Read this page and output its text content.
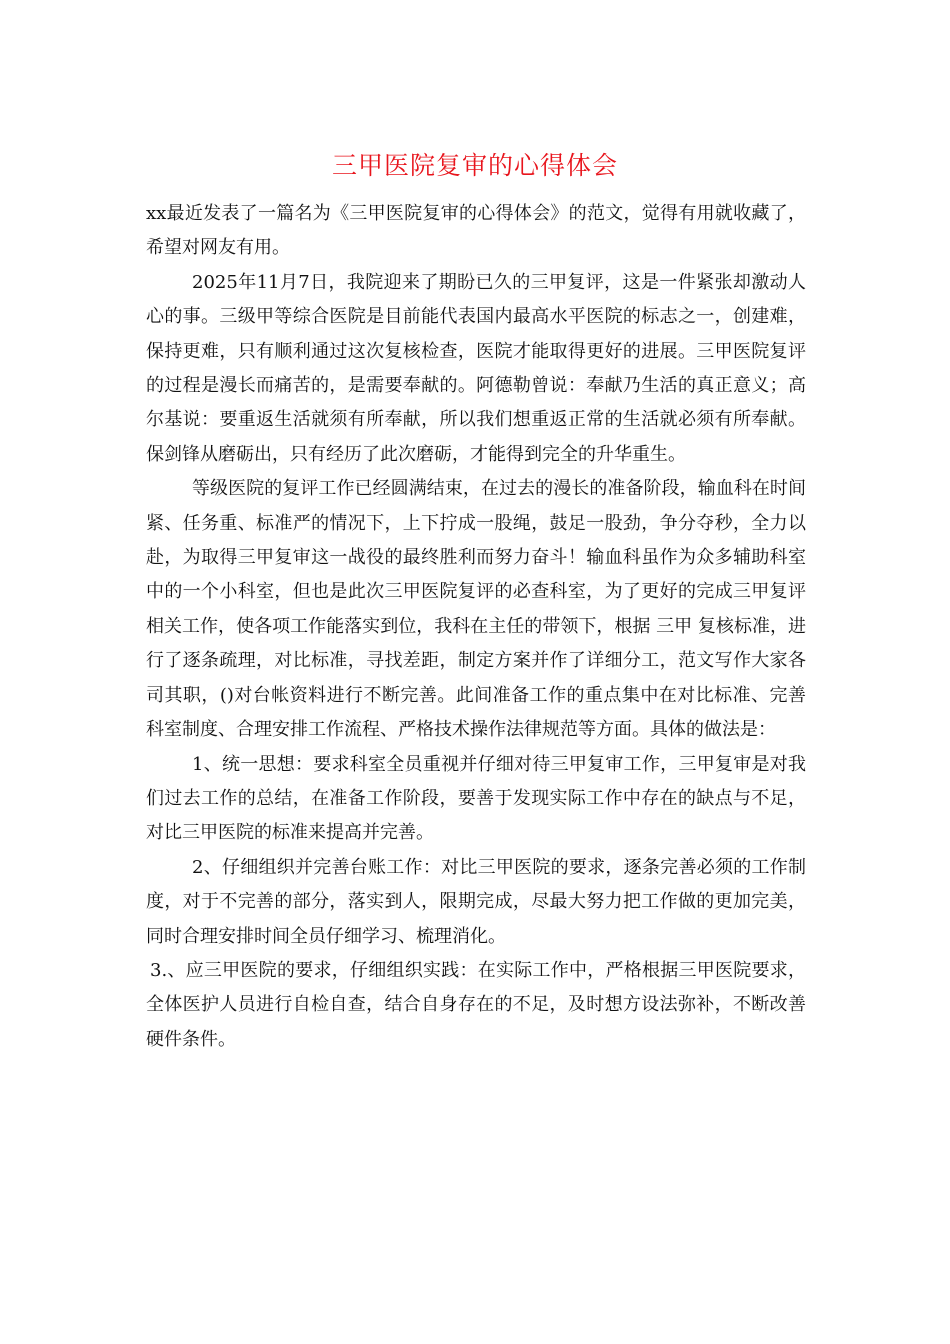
三甲医院复审的心得体会

xx最近发表了一篇名为《三甲医院复审的心得体会》的范文，觉得有用就收藏了，希望对网友有用。

2025年11月7日，我院迎来了期盼已久的三甲复评，这是一件紧张却激动人心的事。三级甲等综合医院是目前能代表国内最高水平医院的标志之一，创建难，保持更难，只有顺利通过这次复核检查，医院才能取得更好的进展。三甲医院复评的过程是漫长而痛苦的，是需要奉献的。阿德勒曾说：奉献乃生活的真正意义；高尔基说：要重返生活就须有所奉献，所以我们想重返正常的生活就必须有所奉献。保剑锋从磨砺出，只有经历了此次磨砺，才能得到完全的升华重生。

等级医院的复评工作已经圆满结束，在过去的漫长的准备阶段，输血科在时间紧、任务重、标准严的情况下，上下拧成一股绳，鼓足一股劲，争分夺秒，全力以赴，为取得三甲复审这一战役的最终胜利而努力奋斗！输血科虽作为众多辅助科室中的一个小科室，但也是此次三甲医院复评的必查科室，为了更好的完成三甲复评相关工作，使各项工作能落实到位，我科在主任的带领下，根据 三甲 复核标准，进行了逐条疏理，对比标准，寻找差距，制定方案并作了详细分工，范文写作大家各司其职，()对台帐资料进行不断完善。此间准备工作的重点集中在对比标准、完善科室制度、合理安排工作流程、严格技术操作法律规范等方面。具体的做法是：

1、统一思想：要求科室全员重视并仔细对待三甲复审工作，三甲复审是对我们过去工作的总结，在准备工作阶段，要善于发现实际工作中存在的缺点与不足，对比三甲医院的标准来提高并完善。

2、仔细组织并完善台账工作：对比三甲医院的要求，逐条完善必须的工作制度，对于不完善的部分，落实到人，限期完成，尽最大努力把工作做的更加完美，同时合理安排时间全员仔细学习、梳理消化。

3.、应三甲医院的要求，仔细组织实践：在实际工作中，严格根据三甲医院要求，全体医护人员进行自检自查，结合自身存在的不足，及时想方设法弥补，不断改善硬件条件。
